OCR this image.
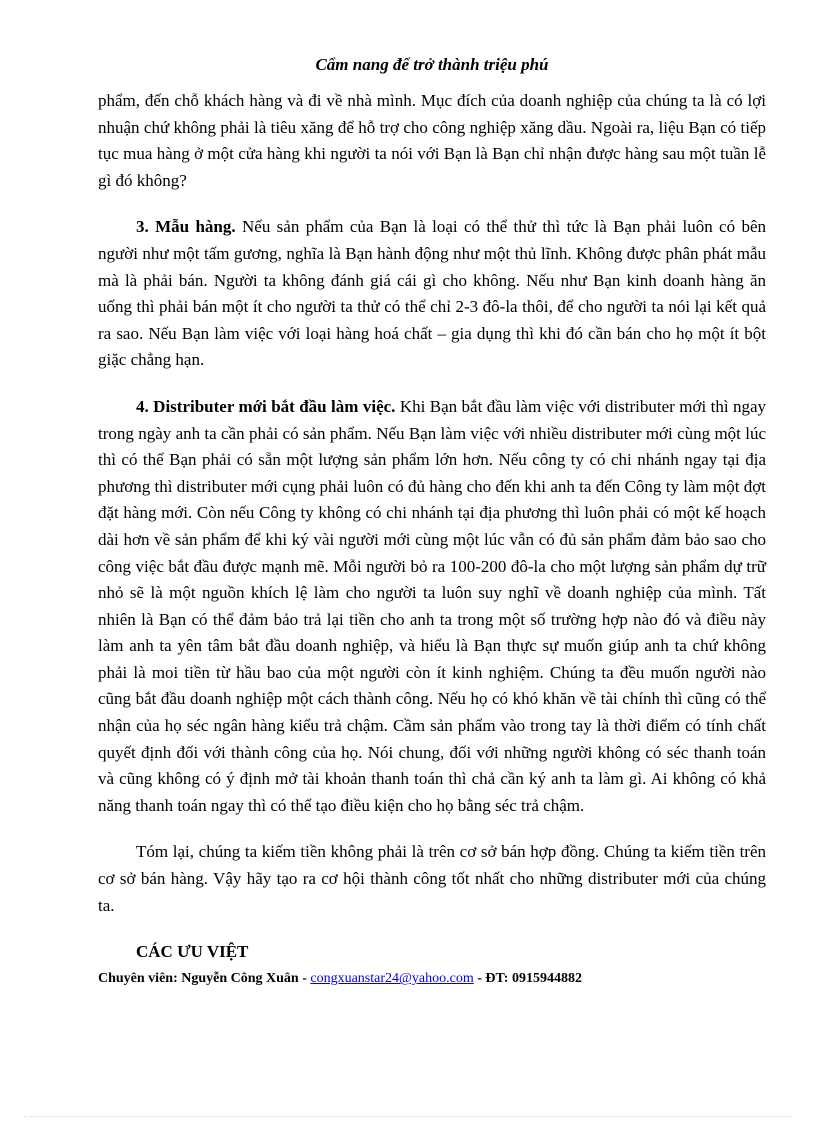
Cẩm nang để trở thành triệu phú

phẩm, đến chỗ khách hàng và đi về nhà mình. Mục đích của doanh nghiệp của chúng ta là có lợi nhuận chứ không phải là tiêu xăng để hỗ trợ cho công nghiệp xăng dầu. Ngoài ra, liệu Bạn có tiếp tục mua hàng ở một cửa hàng khi người ta nói với Bạn là Bạn chỉ nhận được hàng sau một tuần lễ gì đó không?

3. Mẫu hàng. Nếu sản phẩm của Bạn là loại có thể thử thì tức là Bạn phải luôn có bên người như một tấm gương, nghĩa là Bạn hành động như một thủ lĩnh. Không được phân phát mẫu mà là phải bán. Người ta không đánh giá cái gì cho không. Nếu như Bạn kinh doanh hàng ăn uống thì phải bán một ít cho người ta thử có thể chỉ 2-3 đô-la thôi, để cho người ta nói lại kết quả ra sao. Nếu Bạn làm việc với loại hàng hoá chất – gia dụng thì khi đó cần bán cho họ một ít bột giặc chẳng hạn.

4. Distributer mới bắt đầu làm việc. Khi Bạn bắt đầu làm việc với distributer mới thì ngay trong ngày anh ta cần phải có sản phẩm. Nếu Bạn làm việc với nhiều distributer mới cùng một lúc thì có thể Bạn phải có sẵn một lượng sản phẩm lớn hơn. Nếu công ty có chi nhánh ngay tại địa phương thì distributer mới cụng phải luôn có đủ hàng cho đến khi anh ta đến Công ty làm một đợt đặt hàng mới. Còn nếu Công ty không có chi nhánh tại địa phương thì luôn phải có một kế hoạch dài hơn về sản phẩm để khi ký vài người mới cùng một lúc vẫn có đủ sản phẩm đảm bảo sao cho công việc bắt đầu được mạnh mẽ. Mỗi người bỏ ra 100-200 đô-la cho một lượng sản phẩm dự trữ nhỏ sẽ là một nguồn khích lệ làm cho người ta luôn suy nghĩ về doanh nghiệp của mình. Tất nhiên là Bạn có thể đảm bảo trả lại tiền cho anh ta trong một số trường hợp nào đó và điều này làm anh ta yên tâm bắt đầu doanh nghiệp, và hiểu là Bạn thực sự muốn giúp anh ta chứ không phải là moi tiền từ hầu bao của một người còn ít kinh nghiệm. Chúng ta đều muốn người nào cũng bắt đầu doanh nghiệp một cách thành công. Nếu họ có khó khăn về tài chính thì cũng có thể nhận của họ séc ngân hàng kiểu trả chậm. Cầm sản phẩm vào trong tay là thời điểm có tính chất quyết định đối với thành công của họ. Nói chung, đối với những người không có séc thanh toán và cũng không có ý định mở tài khoản thanh toán thì chả cần ký anh ta làm gì. Ai không có khả năng thanh toán ngay thì có thể tạo điều kiện cho họ bằng séc trả chậm.

Tóm lại, chúng ta kiếm tiền không phải là trên cơ sở bán hợp đồng. Chúng ta kiếm tiền trên cơ sở bán hàng. Vậy hãy tạo ra cơ hội thành công tốt nhất cho những distributer mới của chúng ta.

CÁC ƯU VIỆT
Chuyên viên: Nguyễn Công Xuân - congxuanstar24@yahoo.com - ĐT: 0915944882
